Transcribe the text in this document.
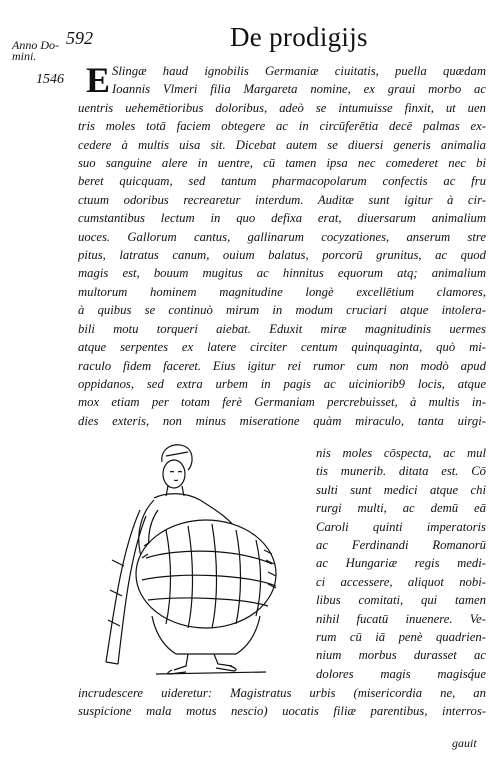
Anno Do-
mini.
592	De prodigijs
1546 E Slingæ haud ignobilis Germaniæ ciuitatis, puella quædam
Ioannis Vlmeri filia Margareta nomine, ex graui morbo ac
uentris uehemētioribus doloribus, adeò se intumuisse finxit, ut uen
tris moles totā faciem obtegere ac in circūferētia decē palmas ex-
cedere à multis uisa sit. Dicebat autem se diuersi generis animalia
suo sanguine alere in uentre, cū tamen ipsa nec comederet nec bi
beret quicquam, sed tantum pharmacopolarum confectis ac fru
ctuum odoribus recrearetur interdum. Auditæ sunt igitur à cir-
cumstantibus lectum in quo defixa erat, diuersarum animalium
uoces. Gallorum cantus, gallinarum cocyzationes, anserum stre
pitus, latratus canum, ouium balatus, porcorū grunitus, ac quod
magis est, bouum mugitus ac hinnitus equorum atq; animalium
multorum hominem magnitudine longè excellētium clamores,
à quibus se continuò mirum in modum cruciari atque intolera-
bili motu torqueri aiebat. Eduxit miræ magnitudinis uermes
atque serpentes ex latere circiter centum quinquaginta, quò mi-
raculo fidem faceret. Eius igitur rei rumor cum non modò apud
oppidanos, sed extra urbem in pagis ac uiciniorib9 locis, atque
mox etiam per totam ferè Germaniam percrebuisset, à multis in-
dies exteris, non minus miseratione quàm miraculo, tanta uirgi-
nis moles cōspecta, ac mul
tis munerib. ditata est. Cō
sulti sunt medici atque chi
rurgi multi, ac demū eā
Caroli quinti imperatoris
ac Ferdinandi Romanorū
ac Hungariæ regis medi-
ci accessere, aliquot nobi-
libus comitati, qui tamen
nihil fucatū inuenere. Ve-
rum cū iā penè quadrien-
nium morbus durasset ac
dolores magis magisq́ue
incrudescere uideretur: Magistratus urbis (misericordia ne, an
suspicione mala motus nescio) uocatis filiæ parentibus, interros-
gauit
